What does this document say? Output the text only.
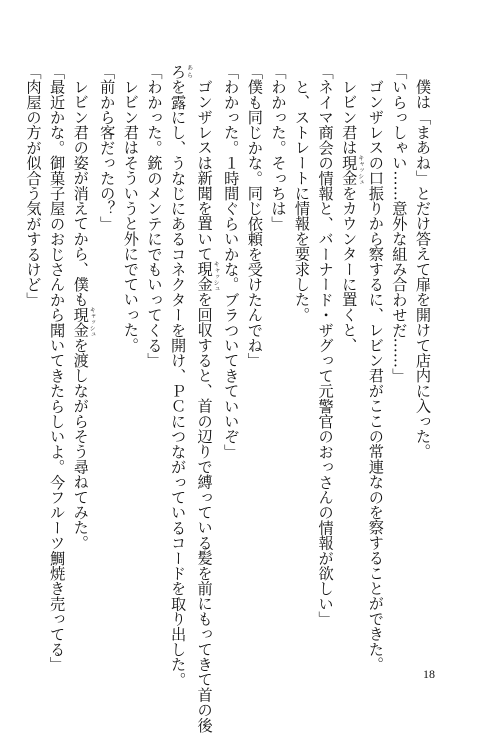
僕は「まあね」とだけ答えて扉を開けて店内に入った。
「いらっしゃい……意外な組み合わせだ……」
ゴンザレスの口振りから察するに、レビン君がここの常連なのを察することができた。
レビン君は現金キャッシュをカウンターに置くと、
「ネイマ商会の情報と、バーナード・ザグって元警官のおっさんの情報が欲しい」
と、ストレートに情報を要求した。
「わかった。そっちは」
「僕も同じかな。同じ依頼を受けたんでね」
「わかった。１時間ぐらいかな。ブラついてきていいぞ」
ゴンザレスは新聞を置いて現金キャッシュを回収すると、首の辺りで縛っている髪を前にもってきて首の後
ろあらを露にし、うなじにあるコネクターを開け、ＰＣにつながっているコードを取り出した。
「わかった。銃のメンテにでもいってくる」
レビン君はそういうと外にでていった。
「前から客だったの？」
レビン君の姿が消えてから、僕も現金キャッシュを渡しながらそう尋ねてみた。
「最近かな。御菓子屋のおじさんから聞いてきたらしいよ。今フルーツ鯛焼き売ってる」
「肉屋の方が似合う気がするけど」
18
